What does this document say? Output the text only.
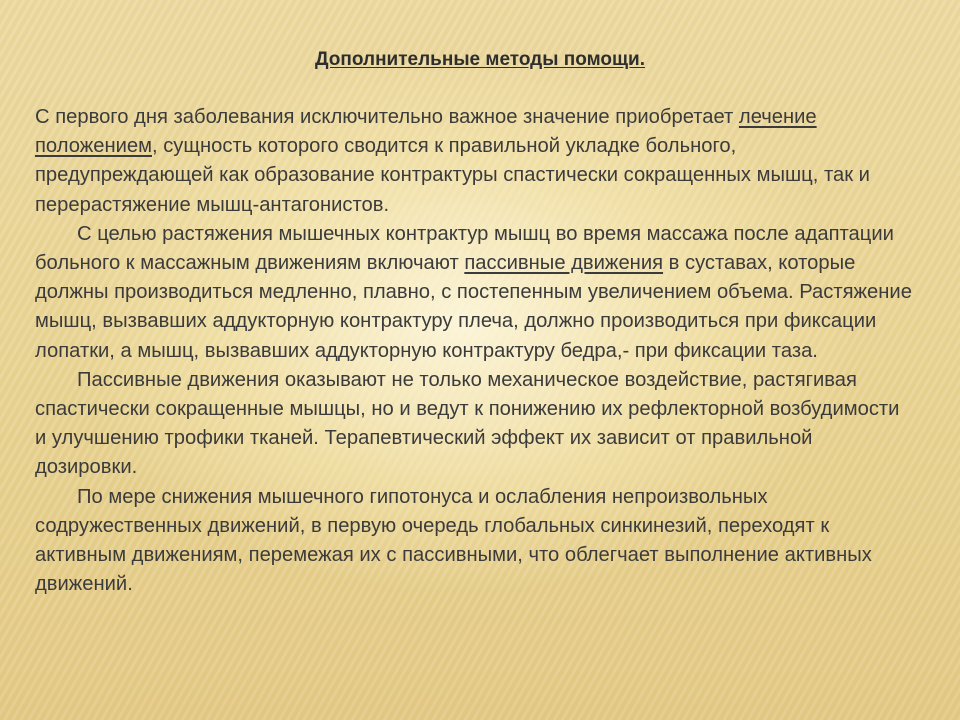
Дополнительные методы помощи.

С первого дня заболевания исключительно важное значение приобретает лечение положением, сущность которого сводится к правильной укладке больного, предупреждающей как образование контрактуры спастически сокращенных мышц, так и перерастяжение мышц-антагонистов.

С целью растяжения мышечных контрактур мышц во время массажа после адаптации больного к массажным движениям включают пассивные движения в суставах, которые должны производиться медленно, плавно, с постепенным увеличением объема. Растяжение мышц, вызвавших аддукторную контрактуру плеча, должно производиться при фиксации лопатки, а мышц, вызвавших аддукторную контрактуру бедра,- при фиксации таза.

Пассивные движения оказывают не только механическое воздействие, растягивая спастически сокращенные мышцы, но и ведут к понижению их рефлекторной возбудимости и улучшению трофики тканей. Терапевтический эффект их зависит от правильной дозировки.

По мере снижения мышечного гипотонуса и ослабления непроизвольных содружественных движений, в первую очередь глобальных синкинезий, переходят к активным движениям, перемежая их с пассивными, что облегчает выполнение активных движений.
